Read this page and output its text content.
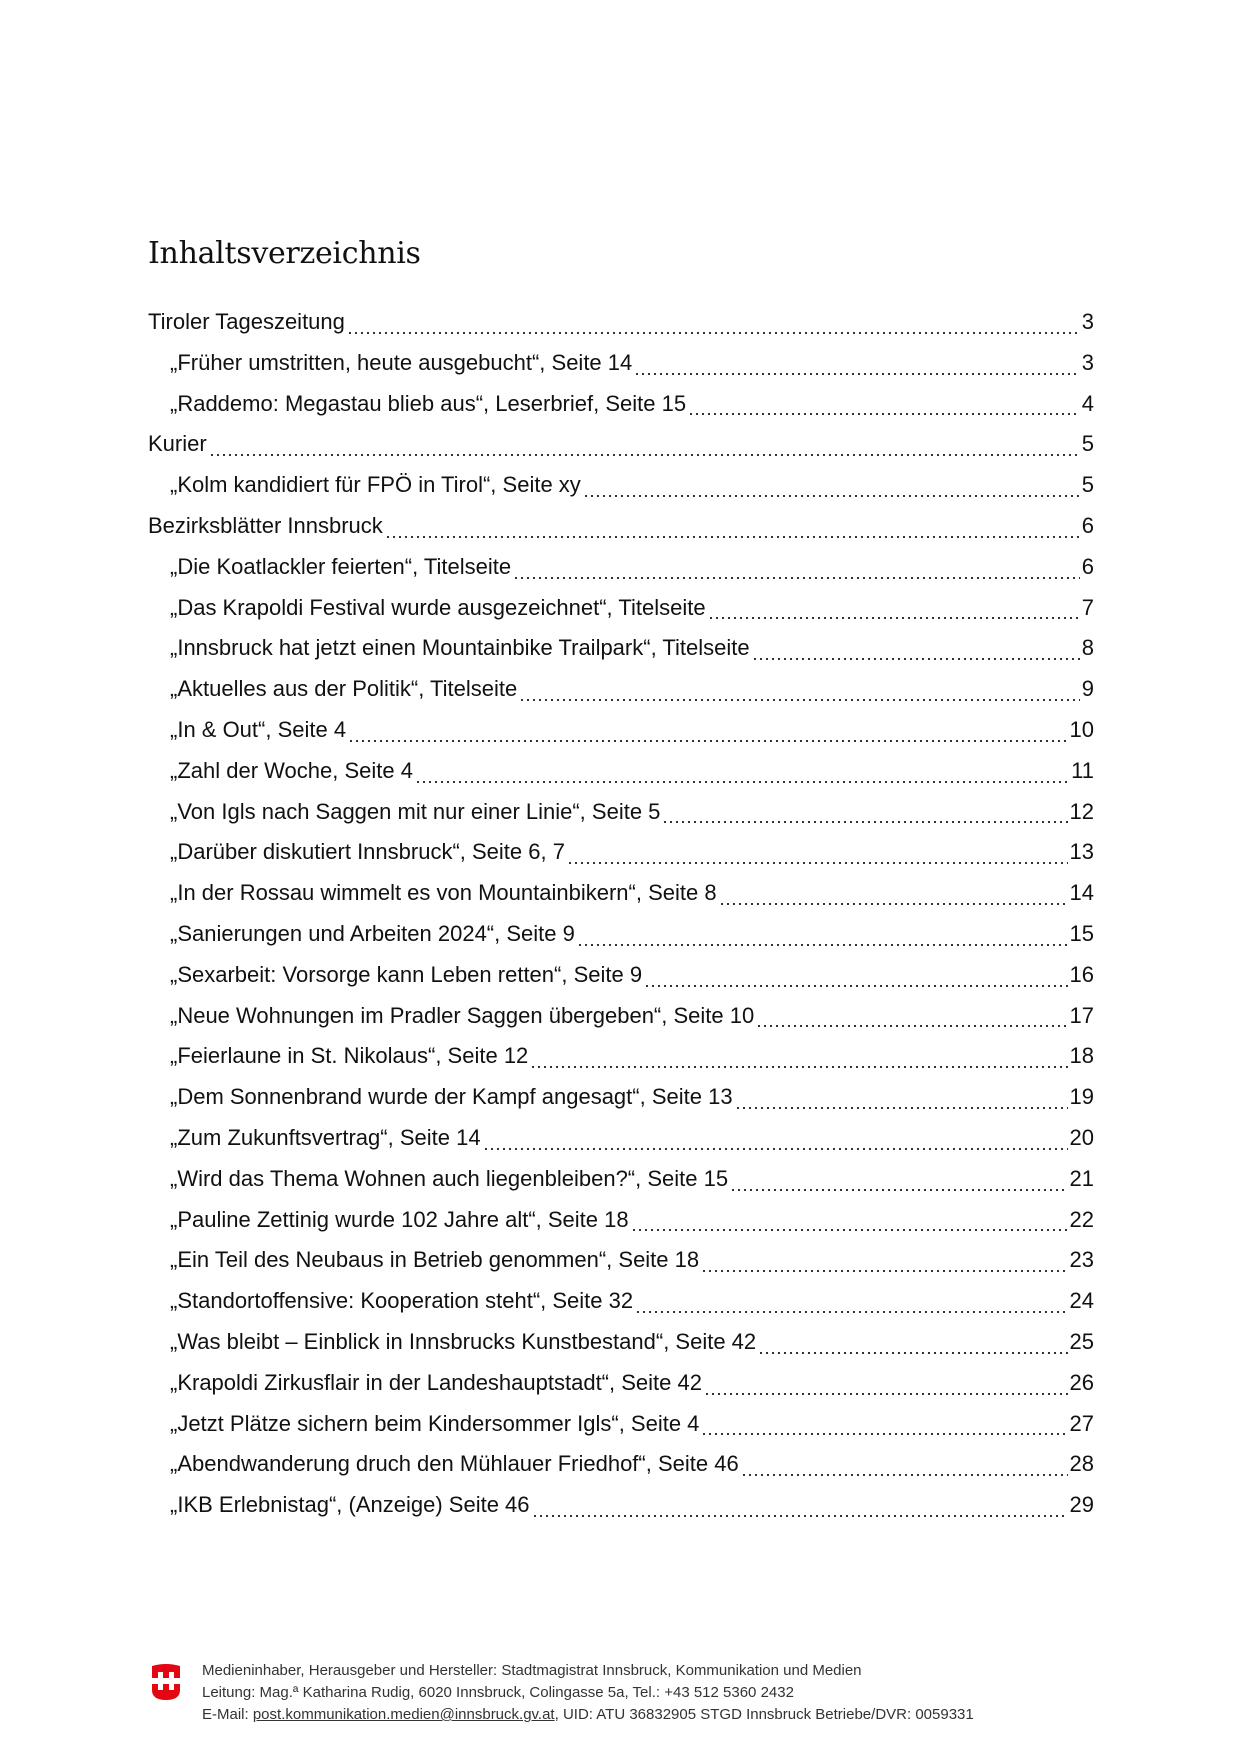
Inhaltsverzeichnis
Tiroler Tageszeitung	3
„Früher umstritten, heute ausgebucht“, Seite 14	3
„Raddemo: Megastau blieb aus“, Leserbrief, Seite 15	4
Kurier	5
„Kolm kandidiert für FPÖ in Tirol“, Seite xy	5
Bezirksblätter Innsbruck	6
„Die Koatlackler feierten“, Titelseite	6
„Das Krapoldi Festival wurde ausgezeichnet“, Titelseite	7
„Innsbruck hat jetzt einen Mountainbike Trailpark“, Titelseite	8
„Aktuelles aus der Politik“, Titelseite	9
„In & Out“, Seite 4	10
„Zahl der Woche, Seite 4	11
„Von Igls nach Saggen mit nur einer Linie“, Seite 5	12
„Darüber diskutiert Innsbruck“, Seite 6, 7	13
„In der Rossau wimmelt es von Mountainbikern“, Seite 8	14
„Sanierungen und Arbeiten 2024“, Seite 9	15
„Sexarbeit: Vorsorge kann Leben retten“, Seite 9	16
„Neue Wohnungen im Pradler Saggen übergeben“, Seite 10	17
„Feierlaune in St. Nikolaus“, Seite 12	18
„Dem Sonnenbrand wurde der Kampf angesagt“, Seite 13	19
„Zum Zukunftsvertrag“, Seite 14	20
„Wird das Thema Wohnen auch liegenbleiben?“, Seite 15	21
„Pauline Zettinig wurde 102 Jahre alt“, Seite 18	22
„Ein Teil des Neubaus in Betrieb genommen“, Seite 18	23
„Standortoffensive: Kooperation steht“, Seite 32	24
„Was bleibt – Einblick in Innsbrucks Kunstbestand“, Seite 42	25
„Krapoldi Zirkusflair in der Landeshauptstadt“, Seite 42	26
„Jetzt Plätze sichern beim Kindersommer Igls“, Seite 4	27
„Abendwanderung druch den Mühlauer Friedhof“, Seite 46	28
„IKB Erlebnistag“, (Anzeige) Seite 46	29
Medieninhaber, Herausgeber und Hersteller: Stadtmagistrat Innsbruck, Kommunikation und Medien
Leitung: Mag.ª Katharina Rudig, 6020 Innsbruck, Colingasse 5a, Tel.: +43 512 5360 2432
E-Mail: post.kommunikation.medien@innsbruck.gv.at, UID: ATU 36832905 STGD Innsbruck Betriebe/DVR: 0059331
